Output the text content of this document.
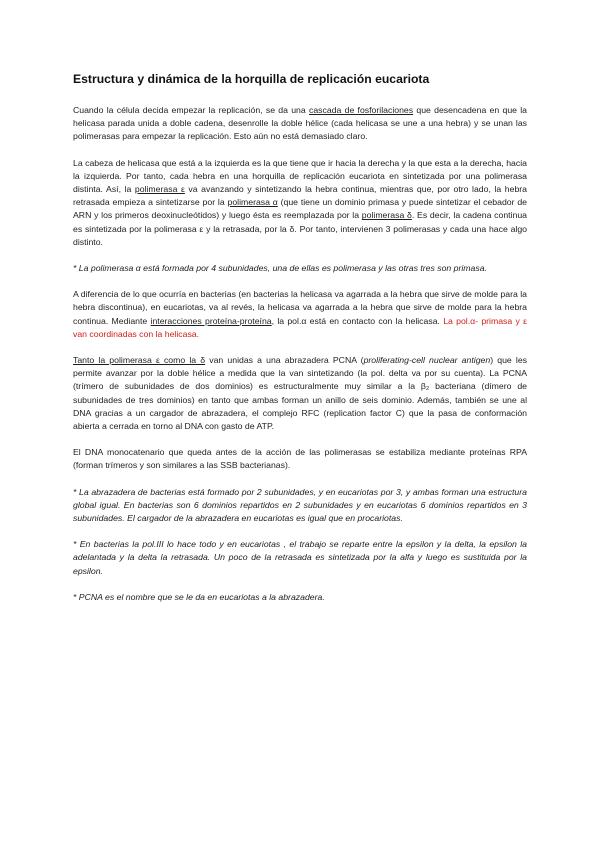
Estructura y dinámica de la horquilla de replicación eucariota

Cuando la célula decida empezar la replicación, se da una cascada de fosforilaciones que desencadena en que la helicasa parada unida a doble cadena, desenrolle la doble hélice (cada helicasa se une a una hebra) y se unan las polimerasas para empezar la replicación. Esto aún no está demasiado claro.

La cabeza de helicasa que está a la izquierda es la que tiene que ir hacia la derecha y la que esta a la derecha, hacia la izquierda. Por tanto, cada hebra en una horquilla de replicación eucariota en sintetizada por una polimerasa distinta. Así, la polimerasa ε va avanzando y sintetizando la hebra continua, mientras que, por otro lado, la hebra retrasada empieza a sintetizarse por la polimerasa α (que tiene un dominio primasa y puede sintetizar el cebador de ARN y los primeros deoxinucleótidos) y luego ésta es reemplazada por la polimerasa δ. Es decir, la cadena continua es sintetizada por la polimerasa ε y la retrasada, por la δ. Por tanto, intervienen 3 polimerasas y cada una hace algo distinto.

* La polimerasa α está formada por 4 subunidades, una de ellas es polimerasa y las otras tres son primasa.

A diferencia de lo que ocurría en bacterias (en bacterias la helicasa va agarrada a la hebra que sirve de molde para la hebra discontinua), en eucariotas, va al revés, la helicasa va agarrada a la hebra que sirve de molde para la hebra continua. Mediante interacciones proteína-proteína, la pol.α está en contacto con la helicasa. La pol.α- primasa y ε van coordinadas con la helicasa.

Tanto la polimerasa ε como la δ van unidas a una abrazadera PCNA (proliferating-cell nuclear antigen) que les permite avanzar por la doble hélice a medida que la van sintetizando (la pol. delta va por su cuenta). La PCNA (trímero de subunidades de dos dominios) es estructuralmente muy similar a la β₂ bacteriana (dímero de subunidades de tres dominios) en tanto que ambas forman un anillo de seis dominio. Además, también se une al DNA gracias a un cargador de abrazadera, el complejo RFC (replication factor C) que la pasa de conformación abierta a cerrada en torno al DNA con gasto de ATP.

El DNA monocatenario que queda antes de la acción de las polimerasas se estabiliza mediante proteínas RPA (forman trímeros y son similares a las SSB bacterianas).

* La abrazadera de bacterias está formado por 2 subunidades, y en eucariotas por 3, y ambas forman una estructura global igual. En bacterias son 6 dominios repartidos en 2 subunidades y en eucariotas 6 dominios repartidos en 3 subunidades. El cargador de la abrazadera en eucariotas es igual que en procariotas.

* En bacterias la pol.III lo hace todo y en eucariotas , el trabajo se reparte entre la epsilon y la delta, la epsilon la adelantada y la delta la retrasada. Un poco de la retrasada es sintetizada por la alfa y luego es sustituida por la epsilon.

* PCNA es el nombre que se le da en eucariotas a la abrazadera.
